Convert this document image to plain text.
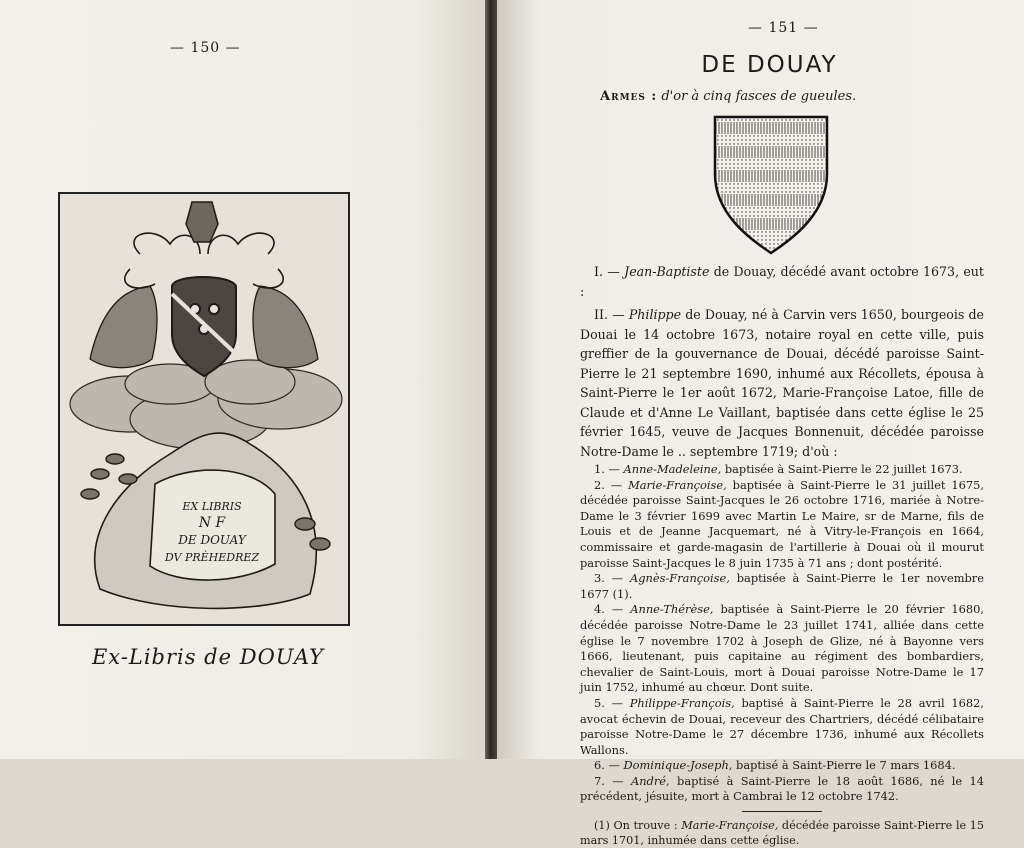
— 150 —
EX LIBRIS
N F
DE DOUAY
DV PRÈHEDREZ
Ex-Libris de DOUAY
— 151 —
DE DOUAY
Armes : d'or à cinq fasces de gueules.

I. — Jean-Baptiste de Douay, décédé avant octobre 1673, eut :

II. — Philippe de Douay, né à Carvin vers 1650, bourgeois de Douai le 14 octobre 1673, notaire royal en cette ville, puis greffier de la gouvernance de Douai, décédé paroisse Saint-Pierre le 21 septembre 1690, inhumé aux Récollets, épousa à Saint-Pierre le 1er août 1672, Marie-Françoise Latoe, fille de Claude et d'Anne Le Vaillant, baptisée dans cette église le 25 février 1645, veuve de Jacques Bonnenuit, décédée paroisse Notre-Dame le .. septembre 1719; d'où :

1. — Anne-Madeleine, baptisée à Saint-Pierre le 22 juillet 1673.

2. — Marie-Françoise, baptisée à Saint-Pierre le 31 juillet 1675, décédée paroisse Saint-Jacques le 26 octobre 1716, mariée à Notre-Dame le 3 février 1699 avec Martin Le Maire, sr de Marne, fils de Louis et de Jeanne Jacquemart, né à Vitry-le-François en 1664, commissaire et garde-magasin de l'artillerie à Douai où il mourut paroisse Saint-Jacques le 8 juin 1735 à 71 ans ; dont postérité.

3. — Agnès-Françoise, baptisée à Saint-Pierre le 1er novembre 1677 (1).

4. — Anne-Thérèse, baptisée à Saint-Pierre le 20 février 1680, décédée paroisse Notre-Dame le 23 juillet 1741, alliée dans cette église le 7 novembre 1702 à Joseph de Glize, né à Bayonne vers 1666, lieutenant, puis capitaine au régiment des bombardiers, chevalier de Saint-Louis, mort à Douai paroisse Notre-Dame le 17 juin 1752, inhumé au chœur. Dont suite.

5. — Philippe-François, baptisé à Saint-Pierre le 28 avril 1682, avocat échevin de Douai, receveur des Chartriers, décédé célibataire paroisse Notre-Dame le 27 décembre 1736, inhumé aux Récollets Wallons.

6. — Dominique-Joseph, baptisé à Saint-Pierre le 7 mars 1684.

7. — André, baptisé à Saint-Pierre le 18 août 1686, né le 14 précédent, jésuite, mort à Cambrai le 12 octobre 1742.

(1) On trouve : Marie-Françoise, décédée paroisse Saint-Pierre le 15 mars 1701, inhumée dans cette église.
